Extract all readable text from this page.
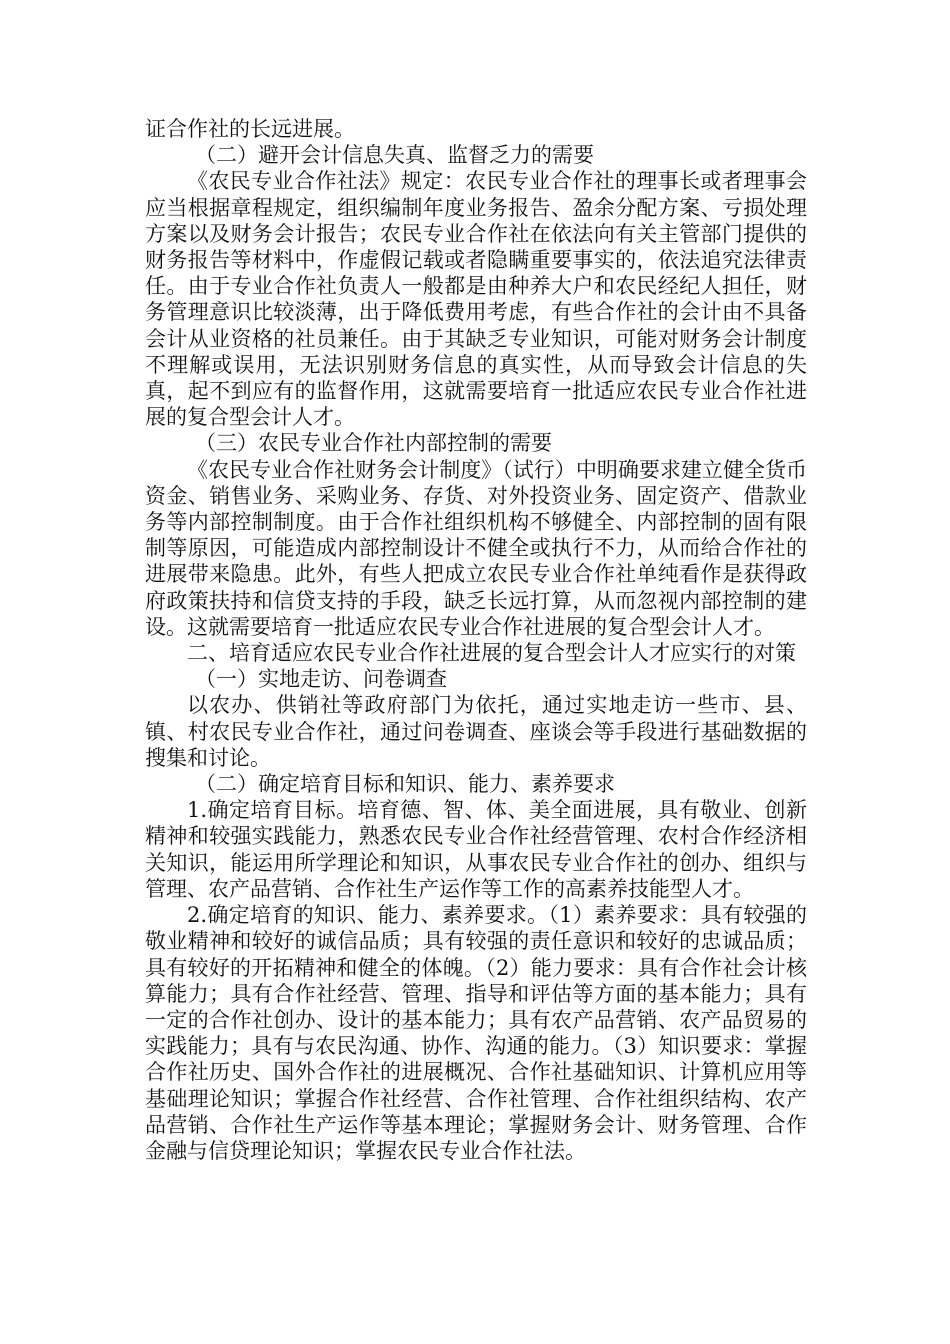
证合作社的长远进展。

（二）避开会计信息失真、监督乏力的需要

《农民专业合作社法》规定：农民专业合作社的理事长或者理事会应当根据章程规定，组织编制年度业务报告、盈余分配方案、亏损处理方案以及财务会计报告；农民专业合作社在依法向有关主管部门提供的财务报告等材料中，作虚假记载或者隐瞒重要事实的，依法追究法律责任。由于专业合作社负责人一般都是由种养大户和农民经纪人担任，财务管理意识比较淡薄，出于降低费用考虑，有些合作社的会计由不具备会计从业资格的社员兼任。由于其缺乏专业知识，可能对财务会计制度不理解或误用，无法识别财务信息的真实性，从而导致会计信息的失真，起不到应有的监督作用，这就需要培育一批适应农民专业合作社进展的复合型会计人才。

（三）农民专业合作社内部控制的需要

《农民专业合作社财务会计制度》（试行）中明确要求建立健全货币资金、销售业务、采购业务、存货、对外投资业务、固定资产、借款业务等内部控制制度。由于合作社组织机构不够健全、内部控制的固有限制等原因，可能造成内部控制设计不健全或执行不力，从而给合作社的进展带来隐患。此外，有些人把成立农民专业合作社单纯看作是获得政府政策扶持和信贷支持的手段，缺乏长远打算，从而忽视内部控制的建设。这就需要培育一批适应农民专业合作社进展的复合型会计人才。

二、培育适应农民专业合作社进展的复合型会计人才应实行的对策

（一）实地走访、问卷调查

以农办、供销社等政府部门为依托，通过实地走访一些市、县、镇、村农民专业合作社，通过问卷调查、座谈会等手段进行基础数据的搜集和讨论。

（二）确定培育目标和知识、能力、素养要求

1.确定培育目标。培育德、智、体、美全面进展，具有敬业、创新精神和较强实践能力，熟悉农民专业合作社经营管理、农村合作经济相关知识，能运用所学理论和知识，从事农民专业合作社的创办、组织与管理、农产品营销、合作社生产运作等工作的高素养技能型人才。

2.确定培育的知识、能力、素养要求。（1）素养要求：具有较强的敬业精神和较好的诚信品质；具有较强的责任意识和较好的忠诚品质；具有较好的开拓精神和健全的体魄。（2）能力要求：具有合作社会计核算能力；具有合作社经营、管理、指导和评估等方面的基本能力；具有一定的合作社创办、设计的基本能力；具有农产品营销、农产品贸易的实践能力；具有与农民沟通、协作、沟通的能力。（3）知识要求：掌握合作社历史、国外合作社的进展概况、合作社基础知识、计算机应用等基础理论知识；掌握合作社经营、合作社管理、合作社组织结构、农产品营销、合作社生产运作等基本理论；掌握财务会计、财务管理、合作金融与信贷理论知识；掌握农民专业合作社法。
